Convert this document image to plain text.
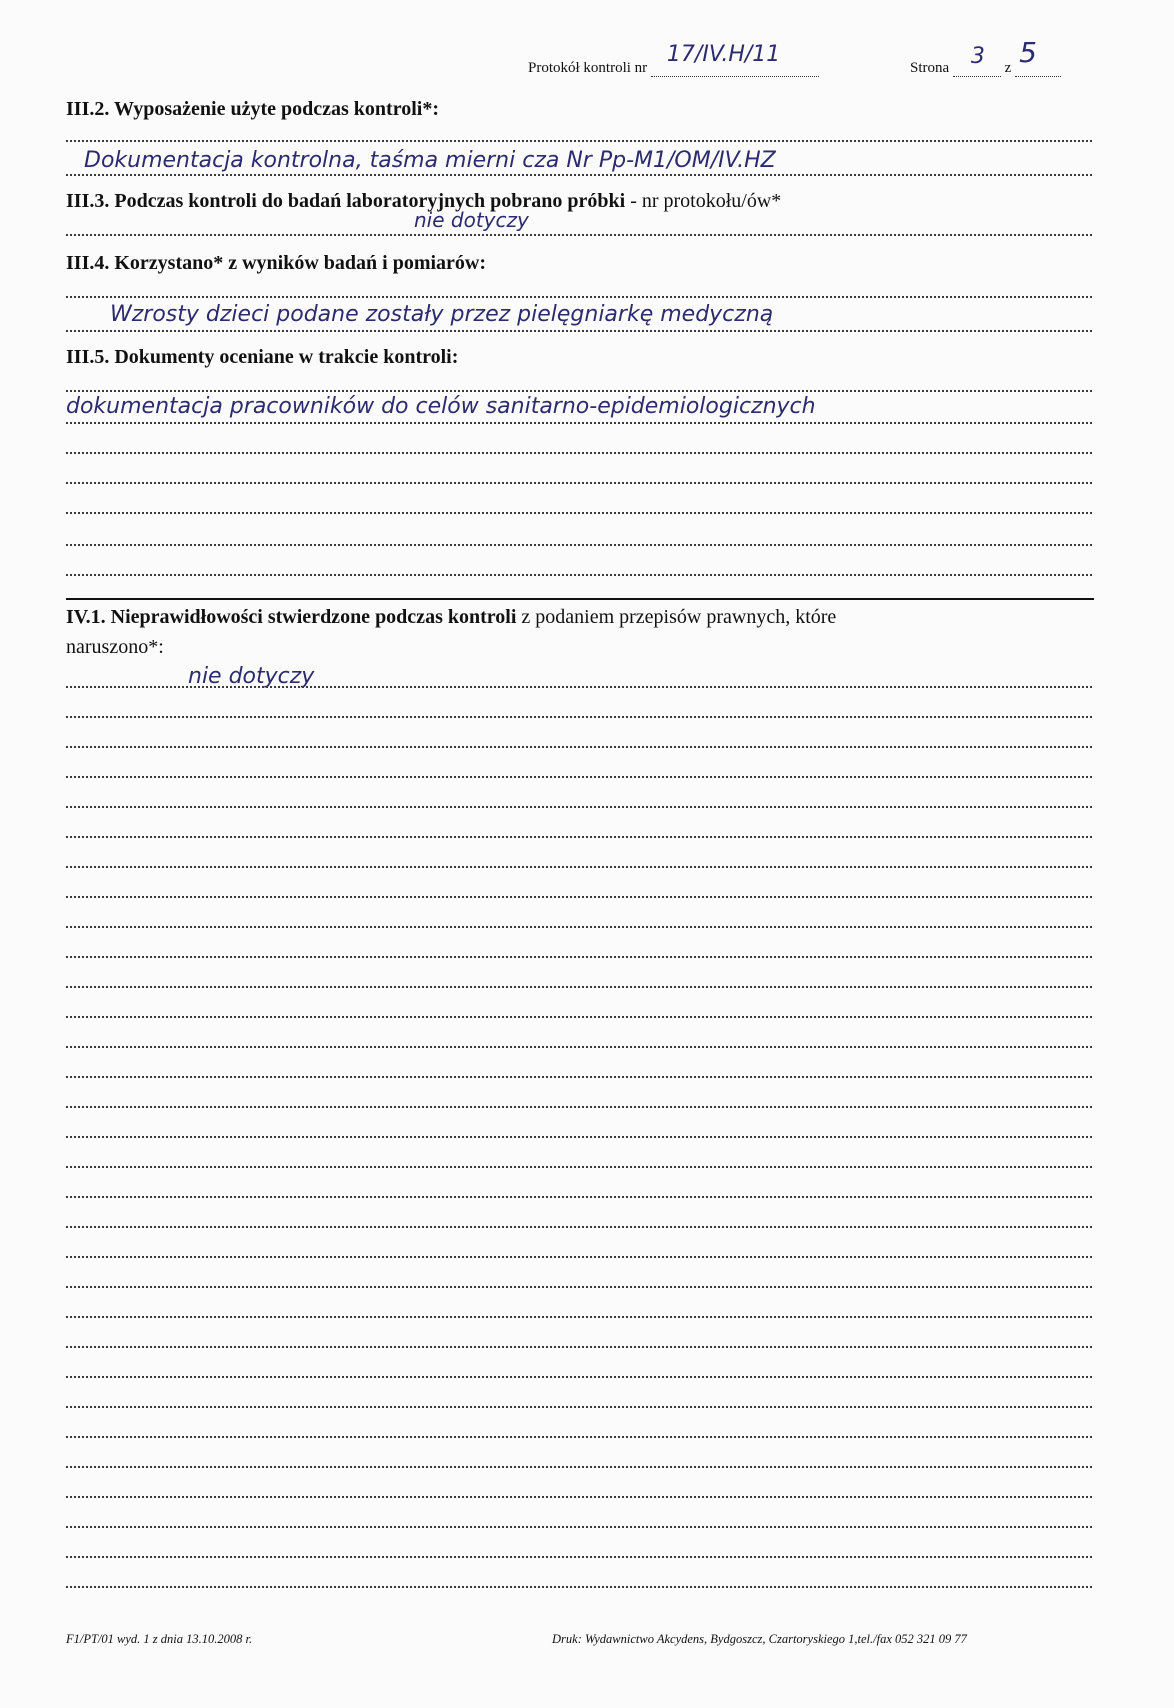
Protokół kontroli nr
17/IV.H/11
Strona 3 z 5
III.2. Wyposażenie użyte podczas kontroli*:
Dokumentacja kontrolna, taśma mierni cza Nr Pp-M1/OM/IV.HZ
III.3. Podczas kontroli do badań laboratoryjnych pobrano próbki - nr protokołu/ów*
nie dotyczy
III.4. Korzystano* z wyników badań i pomiarów:
Wzrosty dzieci podane zostały przez pielęgniarkę medyczną
III.5. Dokumenty oceniane w trakcie kontroli:
dokumentacja pracowników do celów sanitarno-epidemiologicznych
IV.1. Nieprawidłowości stwierdzone podczas kontroli z podaniem przepisów prawnych, które
naruszono*:
nie dotyczy
F1/PT/01 wyd. 1 z dnia 13.10.2008 r.	Druk: Wydawnictwo Akcydens, Bydgoszcz, Czartoryskiego 1,tel./fax 052 321 09 77
